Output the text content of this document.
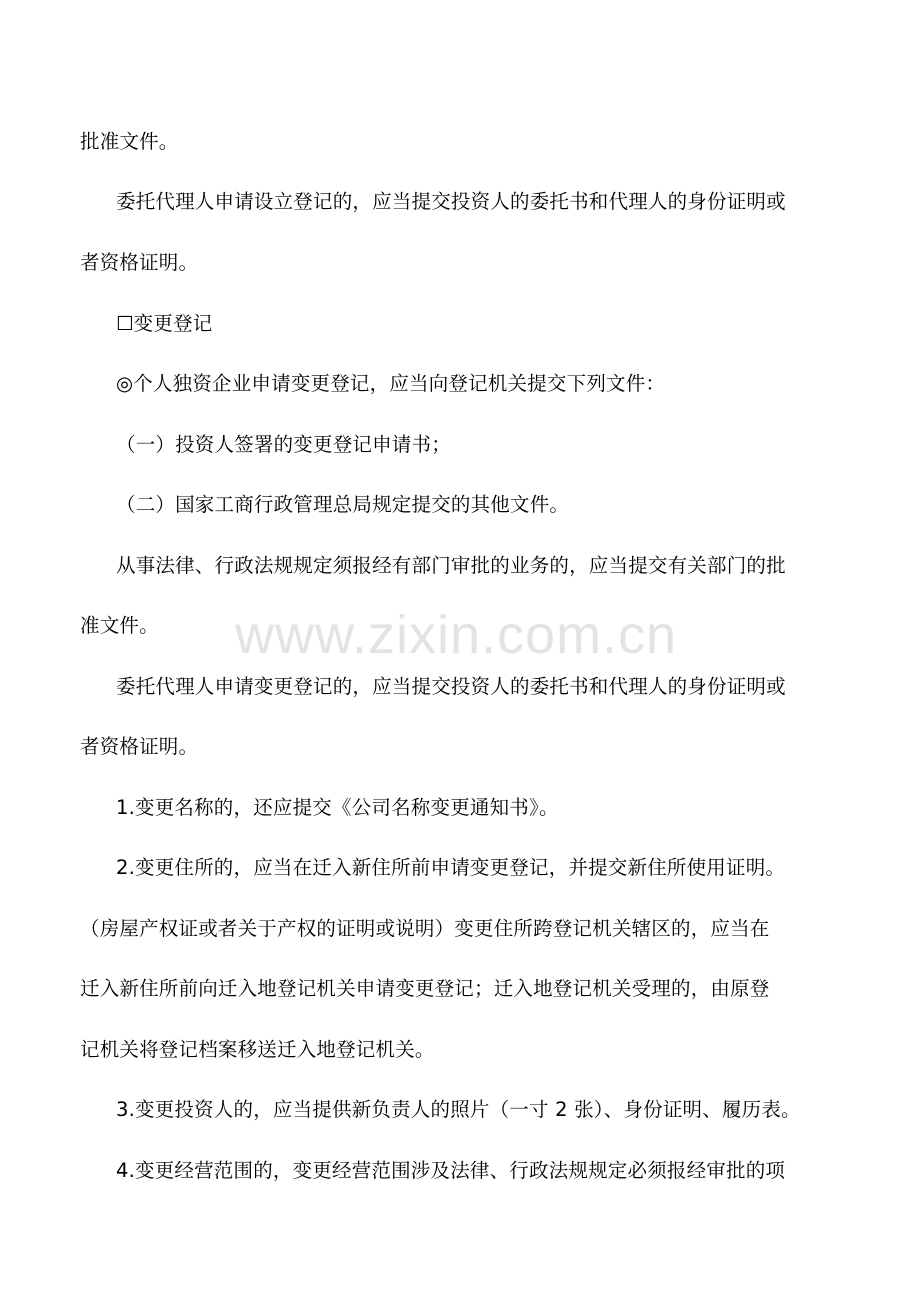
批准文件。
委托代理人申请设立登记的，应当提交投资人的委托书和代理人的身份证明或
者资格证明。
☐变更登记
◎个人独资企业申请变更登记，应当向登记机关提交下列文件：
（一）投资人签署的变更登记申请书；
（二）国家工商行政管理总局规定提交的其他文件。
从事法律、行政法规规定须报经有部门审批的业务的，应当提交有关部门的批
准文件。
委托代理人申请变更登记的，应当提交投资人的委托书和代理人的身份证明或
者资格证明。
1.变更名称的，还应提交《公司名称变更通知书》。
2.变更住所的，应当在迁入新住所前申请变更登记，并提交新住所使用证明。
（房屋产权证或者关于产权的证明或说明）变更住所跨登记机关辖区的，应当在
迁入新住所前向迁入地登记机关申请变更登记；迁入地登记机关受理的，由原登
记机关将登记档案移送迁入地登记机关。
3.变更投资人的，应当提供新负责人的照片（一寸 2 张）、身份证明、履历表。
4.变更经营范围的，变更经营范围涉及法律、行政法规规定必须报经审批的项
www.zixin.com.cn
